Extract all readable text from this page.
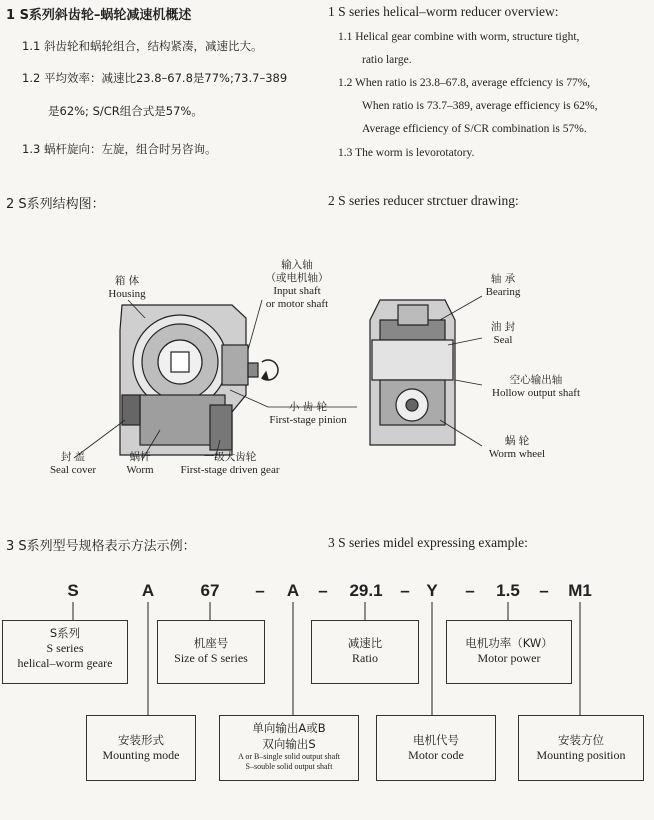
1 S系列斜齿轮–蜗轮减速机概述	1 S series helical–worm reducer overview:
1.1 斜齿轮和蜗轮组合，结构紧凑，减速比大。
1.2 平均效率：减速比23.8–67.8是77%;73.7–389
是62%; S/CR组合式是57%。
1.3 蜗杆旋向：左旋，组合时另咨询。
1.1 Helical gear combine with worm, structure tight,
ratio large.
1.2 When ratio is 23.8–67.8, average effciency is 77%,
When ratio is 73.7–389, average efficiency is 62%,
Average efficiency of S/CR combination is 57%.
1.3 The worm is levorotatory.
2 S系列结构图：	2 S series reducer strctuer drawing:
箱 体
Housing
输入轴
（或电机轴）
Input shaft
or motor shaft
小 齿 轮
First-stage pinion
一级大齿轮
First-stage driven gear
蜗杆
Worm
封 盖
Seal cover
轴 承
Bearing
油 封
Seal
空心输出轴
Hollow output shaft
蜗 轮
Worm wheel
3 S系列型号规格表示方法示例：	3 S series midel expressing example:
S	A	67	–	A	–	29.1	– Y	–	1.5	–	M1
S系列
S series
helical–worm geare
机座号
Size of S series
减速比
Ratio
电机功率（KW）
Motor power
安装形式
Mounting mode
单向输出A或B
双向输出S
A or B–single solid output shaft
S–souble solid output shaft
电机代号
Motor code
安装方位
Mounting position
